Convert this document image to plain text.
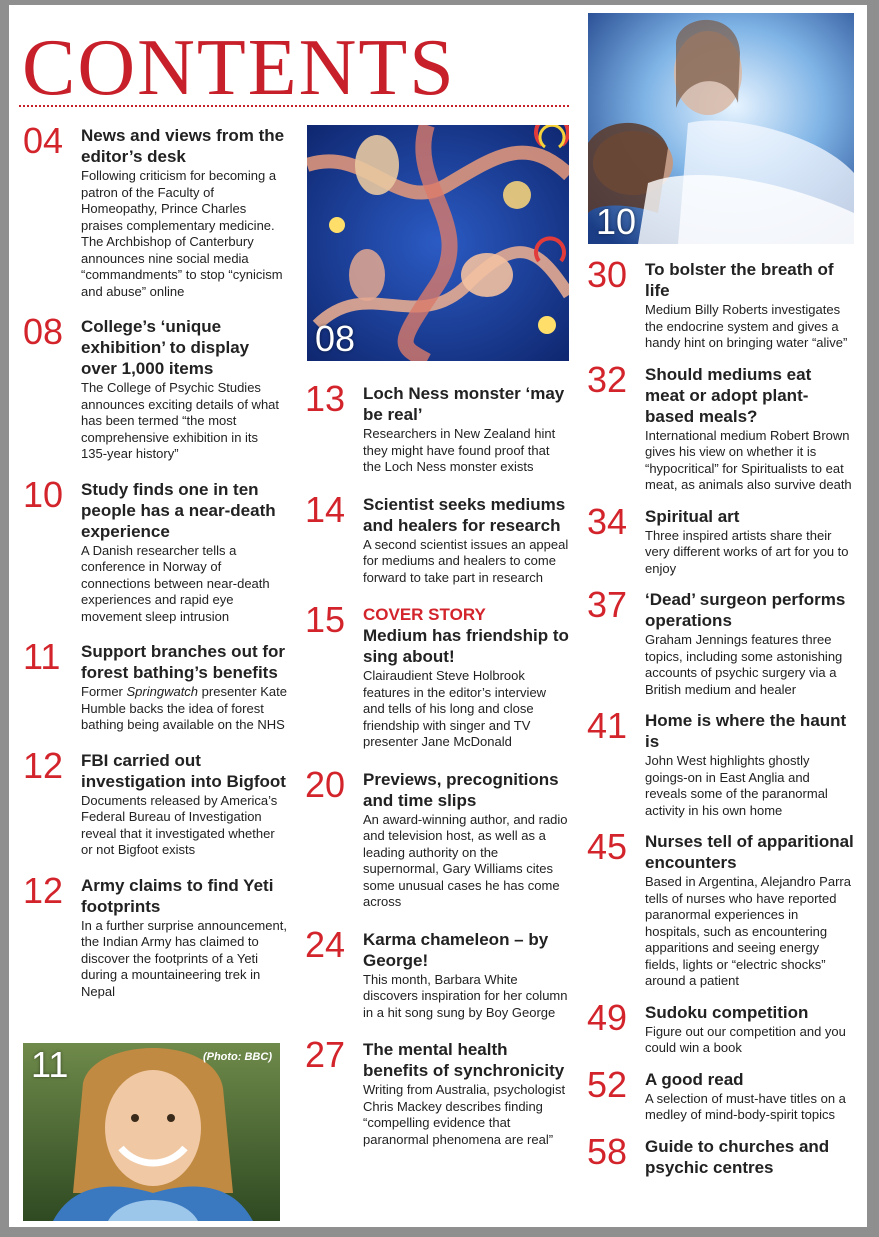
CONTENTS
08
10
11	(Photo: BBC)
04 News and views from the editor’s desk

Following criticism for becoming a patron of the Faculty of Homeopathy, Prince Charles praises complementary medicine. The Archbishop of Canterbury announces nine social media “commandments” to stop “cynicism and abuse” online

08 College’s ‘unique exhibition’ to display over 1,000 items

The College of Psychic Studies announces exciting details of what has been termed “the most comprehensive exhibition in its 135-year history”

10 Study finds one in ten people has a near-death experience

A Danish researcher tells a conference in Norway of connections between near-death experiences and rapid eye movement sleep intrusion

11 Support branches out for forest bathing’s benefits

Former Springwatch presenter Kate Humble backs the idea of forest bathing being available on the NHS

12 FBI carried out investigation into Bigfoot

Documents released by America’s Federal Bureau of Investigation reveal that it investigated whether or not Bigfoot exists

12 Army claims to find Yeti footprints

In a further surprise announcement, the Indian Army has claimed to discover the footprints of a Yeti during a mountaineering trek in Nepal

13 Loch Ness monster ‘may be real’

Researchers in New Zealand hint they might have found proof that the Loch Ness monster exists

14 Scientist seeks mediums and healers for research

A second scientist issues an appeal for mediums and healers to come forward to take part in research

15 COVER STORY

Medium has friendship to sing about!

Clairaudient Steve Holbrook features in the editor’s interview and tells of his long and close friendship with singer and TV presenter Jane McDonald

20 Previews, precognitions and time slips

An award-winning author, and radio and television host, as well as a leading authority on the supernormal, Gary Williams cites some unusual cases he has come across

24 Karma chameleon – by George!

This month, Barbara White discovers inspiration for her column in a hit song sung by Boy George

27 The mental health benefits of synchronicity

Writing from Australia, psychologist Chris Mackey describes finding “compelling evidence that paranormal phenomena are real”

30 To bolster the breath of life

Medium Billy Roberts investigates the endocrine system and gives a handy hint on bringing water “alive”

32 Should mediums eat meat or adopt plant-based meals?

International medium Robert Brown gives his view on whether it is “hypocritical” for Spiritualists to eat meat, as animals also survive death

34 Spiritual art

Three inspired artists share their very different works of art for you to enjoy

37 ‘Dead’ surgeon performs operations

Graham Jennings features three topics, including some astonishing accounts of psychic surgery via a British medium and healer

41 Home is where the haunt is

John West highlights ghostly goings-on in East Anglia and reveals some of the paranormal activity in his own home

45 Nurses tell of apparitional encounters

Based in Argentina, Alejandro Parra tells of nurses who have reported paranormal experiences in hospitals, such as encountering apparitions and seeing energy fields, lights or “electric shocks” around a patient

49 Sudoku competition

Figure out our competition and you could win a book

52 A good read

A selection of must-have titles on a medley of mind-body-spirit topics

58 Guide to churches and psychic centres
